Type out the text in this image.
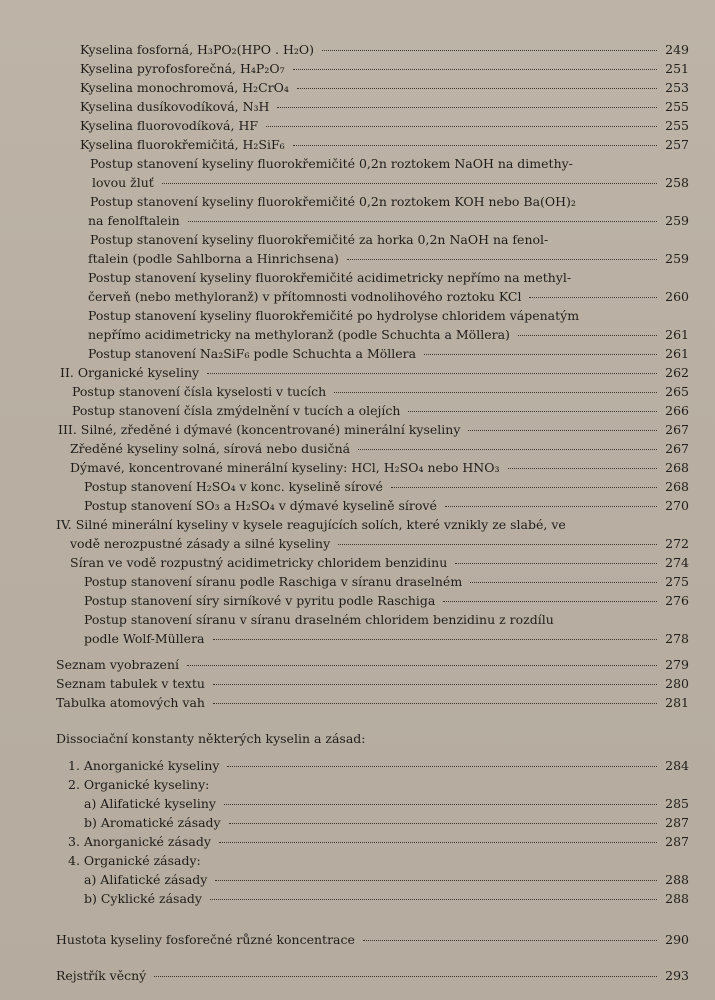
Kyselina fosforná, H₃PO₂(HPO . H₂O)	249
Kyselina pyrofosforečná, H₄P₂O₇	251
Kyselina monochromová, H₂CrO₄	253
Kyselina dusíkovodíková, N₃H	255
Kyselina fluorovodíková, HF	255
Kyselina fluorokřemičitá, H₂SiF₆	257
Postup stanovení kyseliny fluorokřemičité 0,2n roztokem NaOH na dimethy-
lovou žluť	258
Postup stanovení kyseliny fluorokřemičité 0,2n roztokem KOH nebo Ba(OH)₂
na fenolftalein	259
Postup stanovení kyseliny fluorokřemičité za horka 0,2n NaOH na fenol-
ftalein (podle Sahlborna a Hinrichsena)	259
Postup stanovení kyseliny fluorokřemičité acidimetricky nepřímo na methyl-
červeň (nebo methyloranž) v přítomnosti vodnolihového roztoku KCl	260
Postup stanovení kyseliny fluorokřemičité po hydrolyse chloridem vápenatým
nepřímo acidimetricky na methyloranž (podle Schuchta a Möllera)	261
Postup stanovení Na₂SiF₆ podle Schuchta a Möllera	261
II. Organické kyseliny	262
Postup stanovení čísla kyselosti v tucích	265
Postup stanovení čísla zmýdelnění v tucích a olejích	266
III. Silné, zředěné i dýmavé (koncentrované) minerální kyseliny	267
Zředěné kyseliny solná, sírová nebo dusičná	267
Dýmavé, koncentrované minerální kyseliny: HCl, H₂SO₄ nebo HNO₃	268
Postup stanovení H₂SO₄ v konc. kyselině sírové	268
Postup stanovení SO₃ a H₂SO₄ v dýmavé kyselině sírové	270
IV. Silné minerální kyseliny v kysele reagujících solích, které vznikly ze slabé, ve
vodě nerozpustné zásady a silné kyseliny	272
Síran ve vodě rozpustný acidimetricky chloridem benzidinu	274
Postup stanovení síranu podle Raschiga v síranu draselném	275
Postup stanovení síry sirníkové v pyritu podle Raschiga	276
Postup stanovení síranu v síranu draselném chloridem benzidinu z rozdílu
podle Wolf-Müllera	278
Seznam vyobrazení	279
Seznam tabulek v textu	280
Tabulka atomových vah	281
1. Anorganické kyseliny	284
2. Organické kyseliny:
a) Alifatické kyseliny	285
b) Aromatické zásady	287
3. Anorganické zásady	287
4. Organické zásady:
a) Alifatické zásady	288
b) Cyklické zásady	288
Hustota kyseliny fosforečné různé koncentrace	290
Rejstřík věcný	293
Dissociační konstanty některých kyselin a zásad:
